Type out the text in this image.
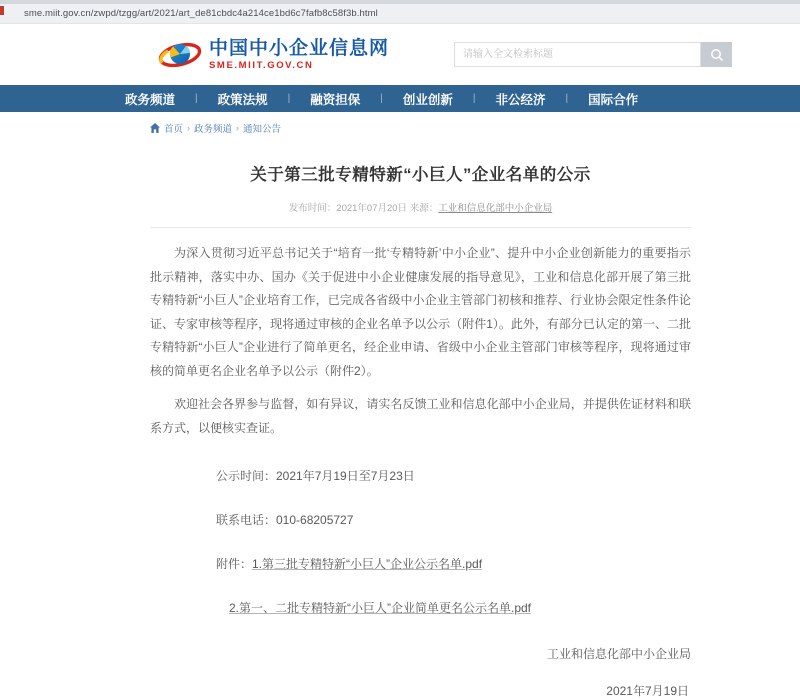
sme.miit.gov.cn/zwpd/tzgg/art/2021/art_de81cbdc4a214ce1bd6c7fafb8c58f3b.html
中国中小企业信息网
SME.MIIT.GOV.CN
请输入全文检索标题
政务频道 | 政策法规 | 融资担保 | 创业创新 | 非公经济 | 国际合作
首页 › 政务频道 › 通知公告
关于第三批专精特新“小巨人”企业名单的公示
发布时间：2021年07月20日 来源：工业和信息化部中小企业局

为深入贯彻习近平总书记关于“培育一批‘专精特新’中小企业”、提升中小企业创新能力的重要指示批示精神，落实中办、国办《关于促进中小企业健康发展的指导意见》，工业和信息化部开展了第三批专精特新“小巨人”企业培育工作，已完成各省级中小企业主管部门初核和推荐、行业协会限定性条件论证、专家审核等程序，现将通过审核的企业名单予以公示（附件1）。此外，有部分已认定的第一、二批专精特新“小巨人”企业进行了简单更名，经企业申请、省级中小企业主管部门审核等程序，现将通过审核的简单更名企业名单予以公示（附件2）。

欢迎社会各界参与监督，如有异议，请实名反馈工业和信息化部中小企业局，并提供佐证材料和联系方式，以便核实查证。

公示时间：2021年7月19日至7月23日

联系电话：010-68205727

附件：1.第三批专精特新“小巨人”企业公示名单.pdf

2.第一、二批专精特新“小巨人”企业简单更名公示名单.pdf

工业和信息化部中小企业局

2021年7月19日
